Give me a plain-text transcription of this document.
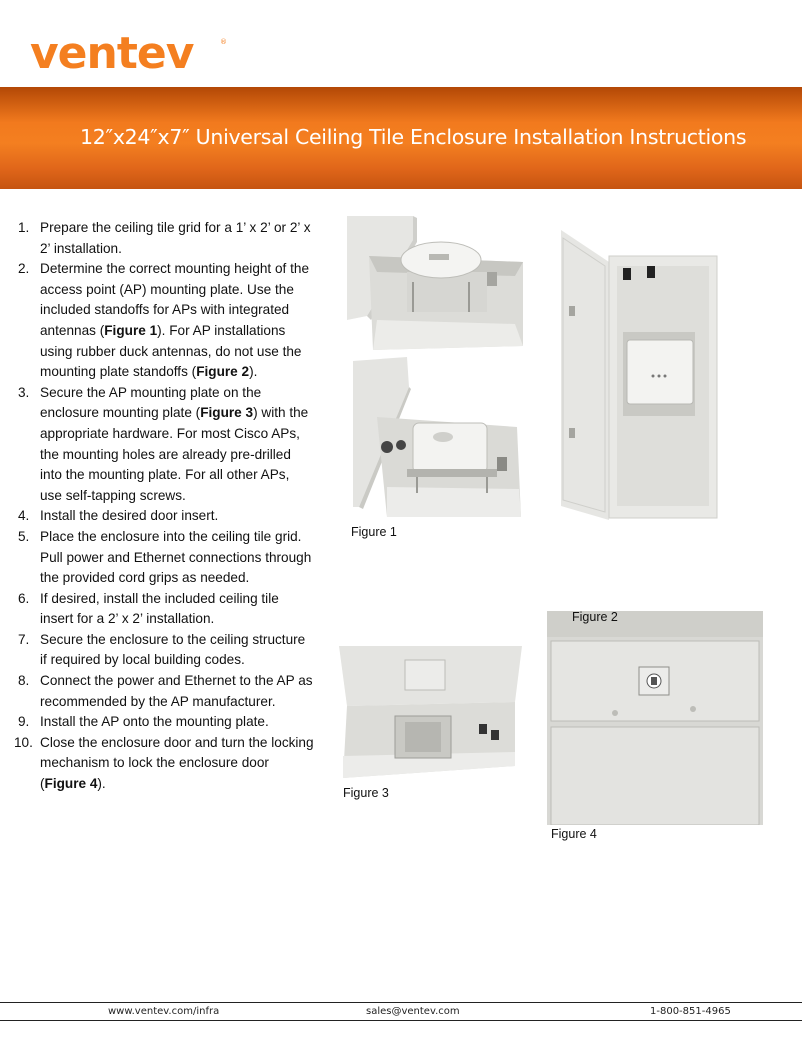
ventev	®
12″x24″x7″ Universal Ceiling Tile Enclosure Installation Instructions
1. Prepare the ceiling tile grid for a 1’ x 2’ or 2’ x 2’ installation.
2. Determine the correct mounting height of the access point (AP) mounting plate. Use the included standoffs for APs with integrated antennas (Figure 1). For AP installations using rubber duck antennas, do not use the mounting plate standoffs (Figure 2).
3. Secure the AP mounting plate on the enclosure mounting plate (Figure 3) with the appropriate hardware. For most Cisco APs, the mounting holes are already pre-drilled into the mounting plate. For all other APs, use self-tapping screws.
4. Install the desired door insert.
5. Place the enclosure into the ceiling tile grid. Pull power and Ethernet connections through the provided cord grips as needed.
6. If desired, install the included ceiling tile insert for a 2’ x 2’ installation.
7. Secure the enclosure to the ceiling structure if required by local building codes.
8. Connect the power and Ethernet to the AP as recommended by the AP manufacturer.
9. Install the AP onto the mounting plate.
10. Close the enclosure door and turn the locking mechanism to lock the enclosure door (Figure 4).
Figure 1
Figure 3
Figure 2
Figure 4
www.ventev.com/infra	sales@ventev.com	1-800-851-4965
